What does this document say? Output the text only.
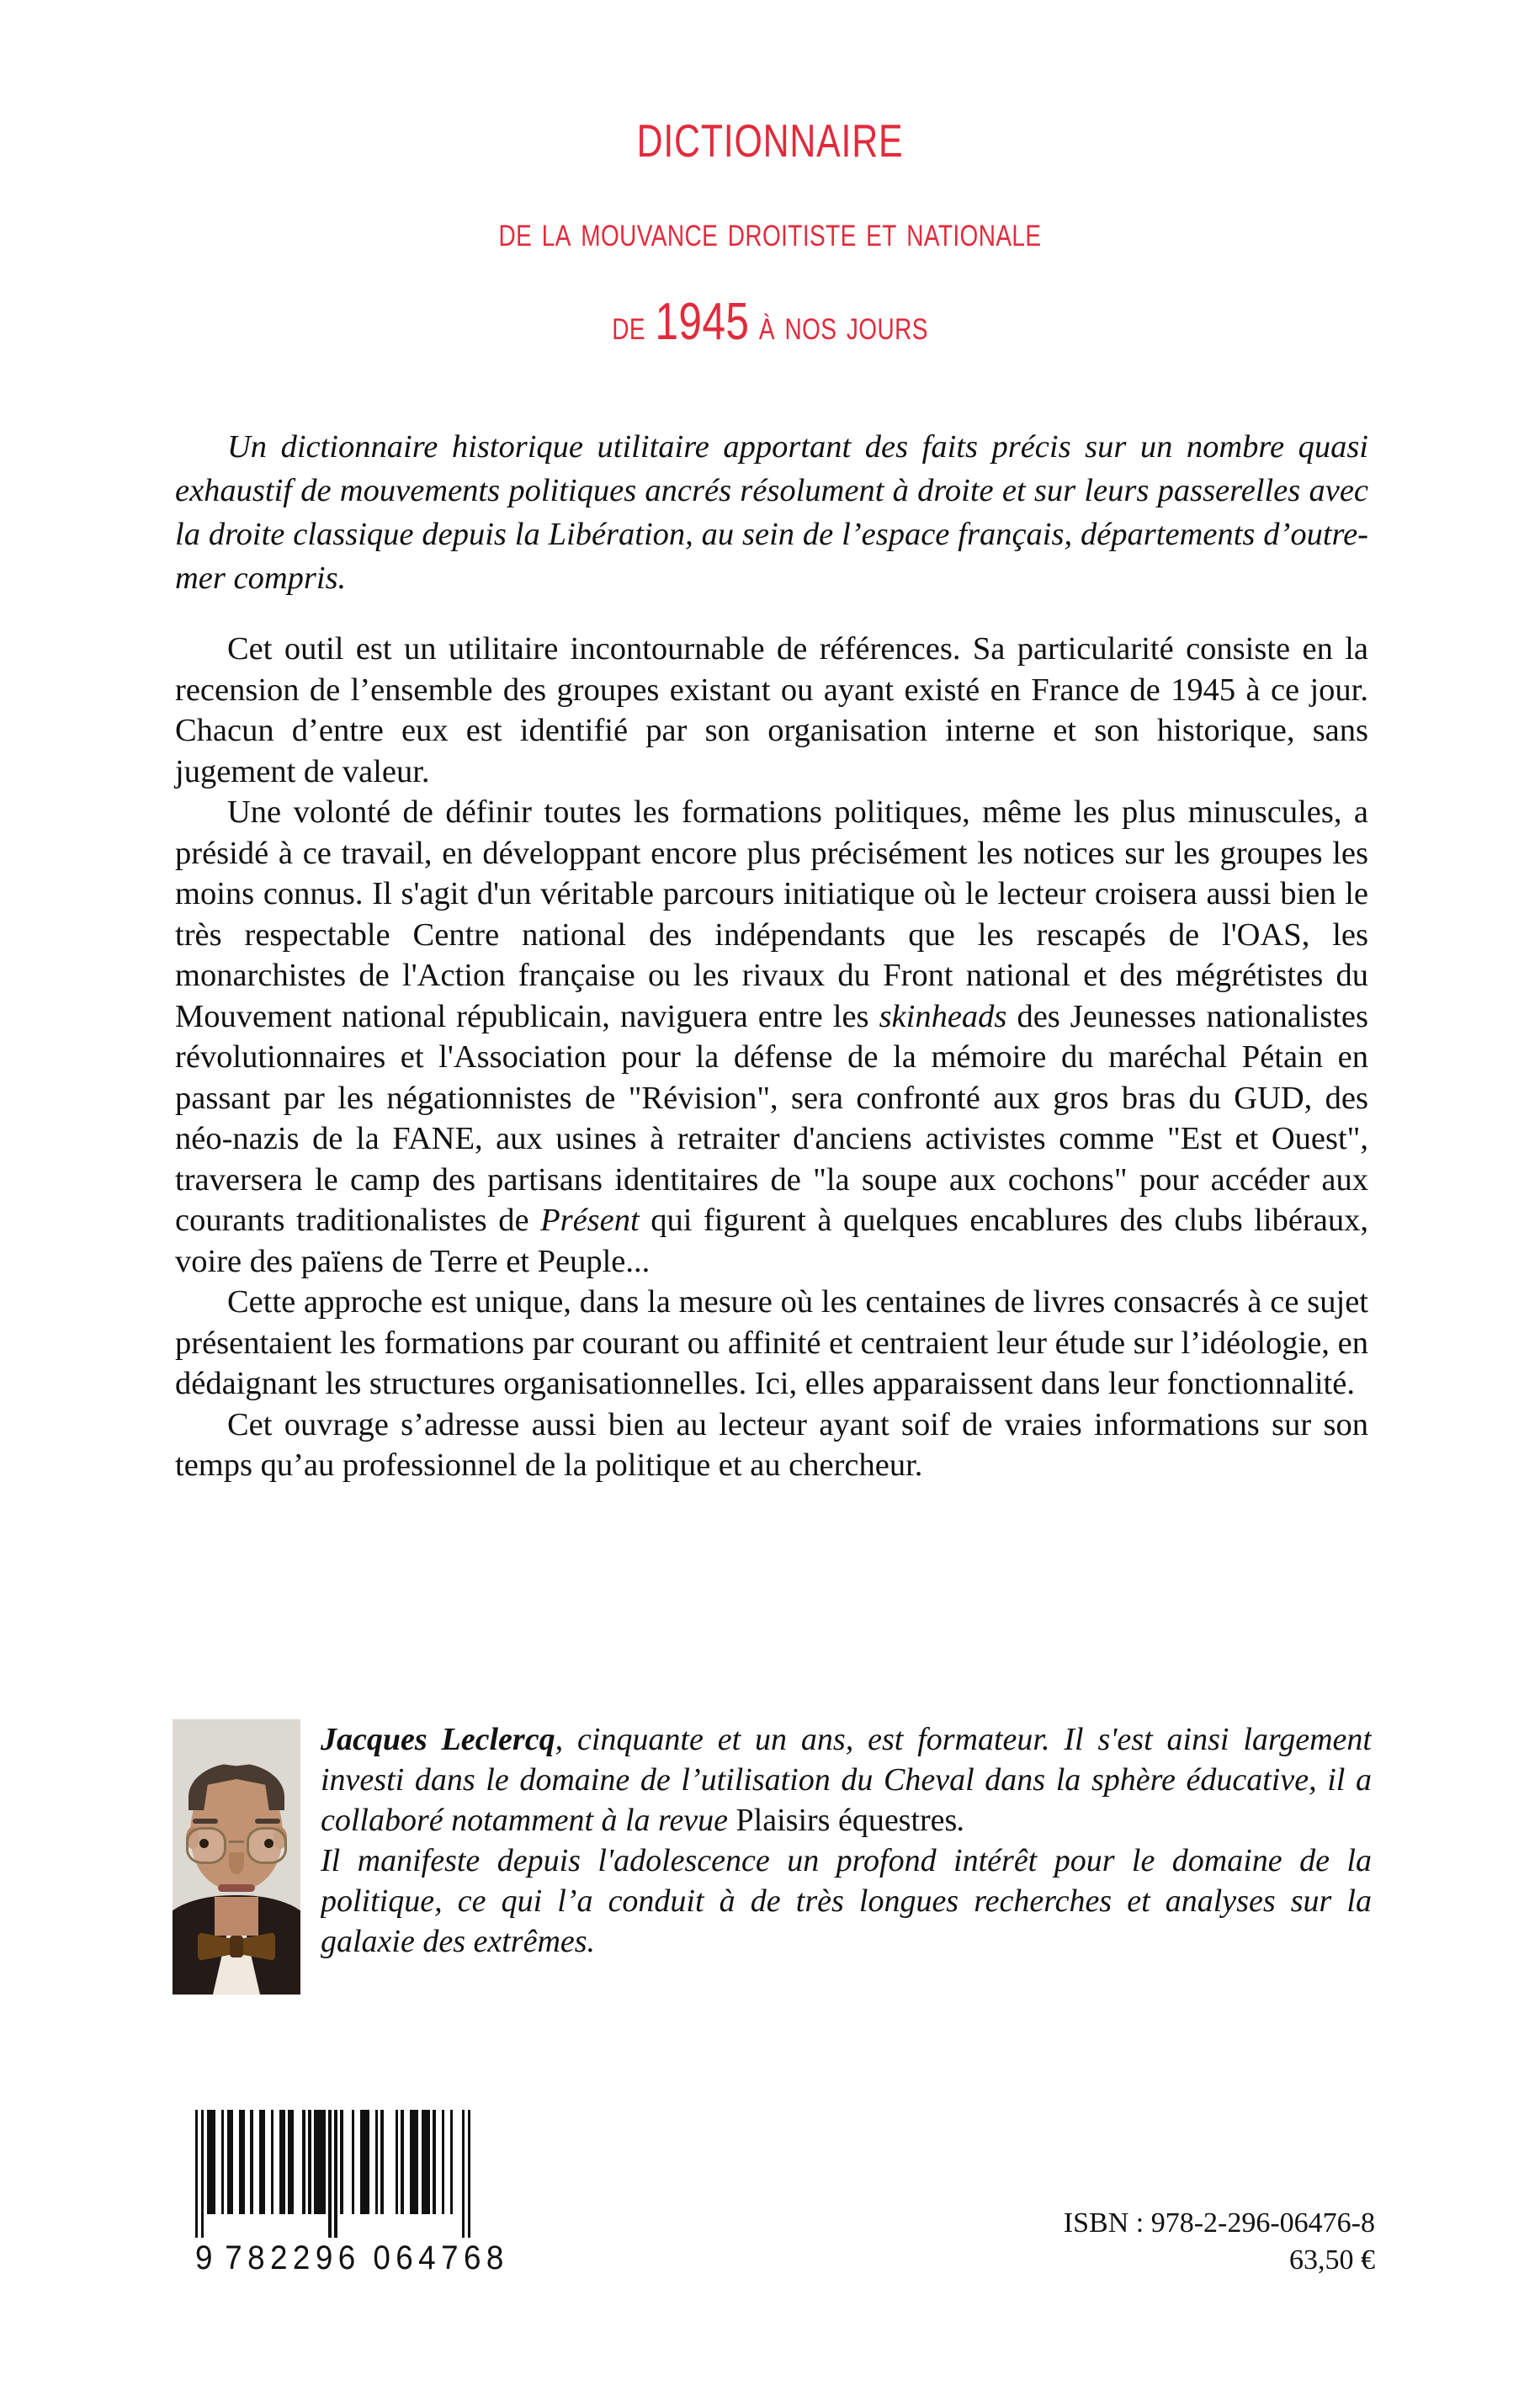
dictionnaire
de la mouvance droitiste et nationale
de 1945 à nos jours

Un dictionnaire historique utilitaire apportant des faits précis sur un nombre quasi exhaustif de mouvements politiques ancrés résolument à droite et sur leurs passerelles avec la droite classique depuis la Libération, au sein de l’espace français, départements d’outre-mer compris.

Cet outil est un utilitaire incontournable de références. Sa particularité consiste en la recension de l’ensemble des groupes existant ou ayant existé en France de 1945 à ce jour. Chacun d’entre eux est identifié par son organisation interne et son historique, sans jugement de valeur.

Une volonté de définir toutes les formations politiques, même les plus minuscules, a présidé à ce travail, en développant encore plus précisément les notices sur les groupes les moins connus. Il s'agit d'un véritable parcours initiatique où le lecteur croisera aussi bien le très respectable Centre national des indépendants que les rescapés de l'OAS, les monarchistes de l'Action française ou les rivaux du Front national et des mégrétistes du Mouvement national républicain, naviguera entre les skinheads des Jeunesses nationalistes révolutionnaires et l'Association pour la défense de la mémoire du maréchal Pétain en passant par les négationnistes de "Révision", sera confronté aux gros bras du GUD, des néo-nazis de la FANE, aux usines à retraiter d'anciens activistes comme "Est et Ouest", traversera le camp des partisans identitaires de "la soupe aux cochons" pour accéder aux courants traditionalistes de Présent qui figurent à quelques encablures des clubs libéraux, voire des païens de Terre et Peuple...

Cette approche est unique, dans la mesure où les centaines de livres consacrés à ce sujet présentaient les formations par courant ou affinité et centraient leur étude sur l’idéologie, en dédaignant les structures organisationnelles. Ici, elles apparaissent dans leur fonctionnalité.

Cet ouvrage s’adresse aussi bien au lecteur ayant soif de vraies informations sur son temps qu’au professionnel de la politique et au chercheur.

Jacques Leclercq, cinquante et un ans, est formateur. Il s'est ainsi largement investi dans le domaine de l’utilisation du Cheval dans la sphère éducative, il a collaboré notamment à la revue Plaisirs équestres.

Il manifeste depuis l'adolescence un profond intérêt pour le domaine de la politique, ce qui l’a conduit à de très longues recherches et analyses sur la galaxie des extrêmes.

9 782296 064768
ISBN : 978-2-296-06476-8
63,50 €
